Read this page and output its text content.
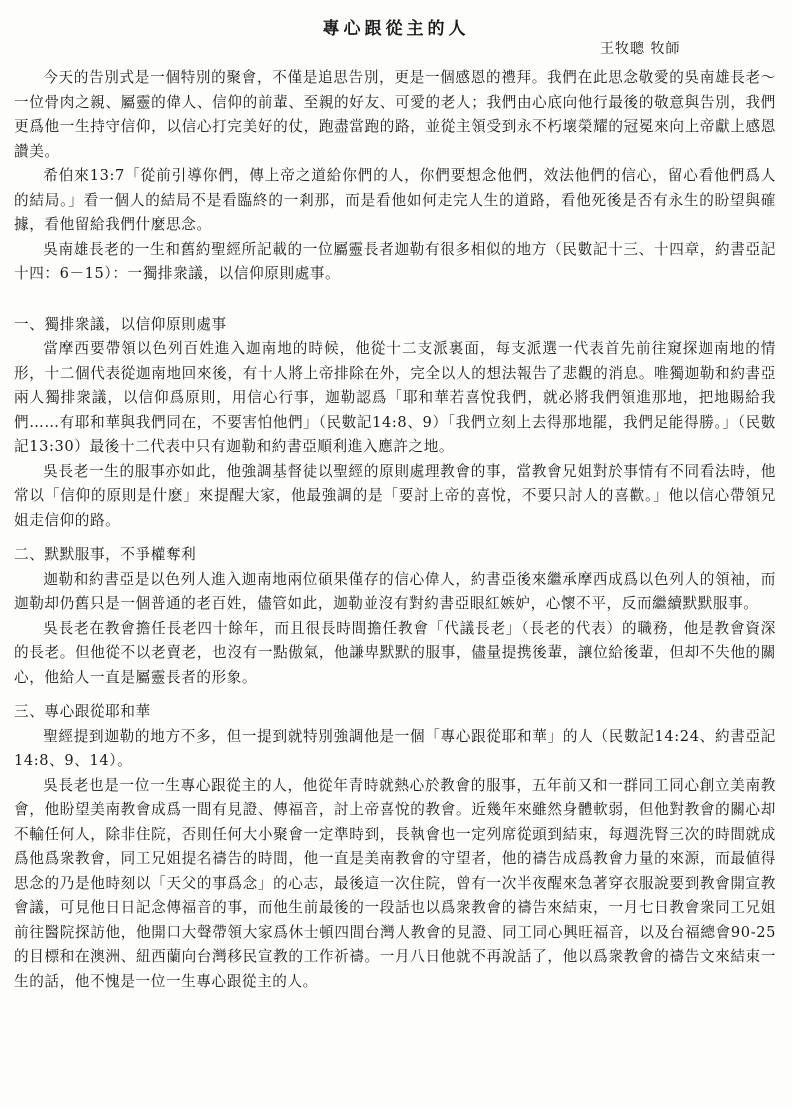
專心跟從主的人
王牧聰 牧師

今天的告別式是一個特別的聚會，不僅是追思告別，更是一個感恩的禮拜。我們在此思念敬愛的吳南雄長老～一位骨肉之親、屬靈的偉人、信仰的前輩、至親的好友、可愛的老人；我們由心底向他行最後的敬意與告別，我們更爲他一生持守信仰，以信心打完美好的仗，跑盡當跑的路，並從主領受到永不朽壞榮耀的冠冕來向上帝獻上感恩讚美。

希伯來13:7「從前引導你們，傳上帝之道給你們的人，你們要想念他們，效法他們的信心，留心看他們爲人的結局。」看一個人的結局不是看臨終的一剎那，而是看他如何走完人生的道路，看他死後是否有永生的盼望與確據，看他留給我們什麼思念。

吳南雄長老的一生和舊約聖經所記載的一位屬靈長者迦勒有很多相似的地方（民數記十三、十四章，約書亞記十四：6－15）：一獨排衆議，以信仰原則處事。

一、獨排衆議，以信仰原則處事

當摩西要帶領以色列百姓進入迦南地的時候，他從十二支派裏面，每支派選一代表首先前往窺探迦南地的情形，十二個代表從迦南地回來後，有十人將上帝排除在外，完全以人的想法報告了悲觀的消息。唯獨迦勒和約書亞兩人獨排衆議，以信仰爲原則，用信心行事，迦勒認爲「耶和華若喜悅我們，就必將我們領進那地，把地賜給我們……有耶和華與我們同在，不要害怕他們」（民數記14:8、9）「我們立刻上去得那地罷，我們足能得勝。」（民數記13:30）最後十二代表中只有迦勒和約書亞順利進入應許之地。

吳長老一生的服事亦如此，他強調基督徒以聖經的原則處理教會的事，當教會兄姐對於事情有不同看法時，他常以「信仰的原則是什麽」來提醒大家，他最強調的是「要討上帝的喜悅，不要只討人的喜歡。」他以信心帶領兄姐走信仰的路。

二、默默服事，不爭權奪利

迦勒和約書亞是以色列人進入迦南地兩位碩果僅存的信心偉人，約書亞後來繼承摩西成爲以色列人的領袖，而迦勒却仍舊只是一個普通的老百姓，儘管如此，迦勒並沒有對約書亞眼紅嫉妒，心懷不平，反而繼續默默服事。

吳長老在教會擔任長老四十餘年，而且很長時間擔任教會「代議長老」（長老的代表）的職務，他是教會資深的長老。但他從不以老賣老，也沒有一點傲氣，他謙卑默默的服事，儘量提携後輩，讓位給後輩，但却不失他的關心，他給人一直是屬靈長者的形象。

三、專心跟從耶和華

聖經提到迦勒的地方不多，但一提到就特別強調他是一個「專心跟從耶和華」的人（民數記14:24、約書亞記14:8、9、14）。

吳長老也是一位一生專心跟從主的人，他從年青時就熱心於教會的服事，五年前又和一群同工同心創立美南教會，他盼望美南教會成爲一間有見證、傳福音，討上帝喜悅的教會。近幾年來雖然身體軟弱，但他對教會的關心却不輸任何人，除非住院，否則任何大小聚會一定準時到，長執會也一定列席從頭到結束，每週洗腎三次的時間就成爲他爲衆教會，同工兄姐提名禱告的時間，他一直是美南教會的守望者，他的禱告成爲教會力量的來源，而最値得思念的乃是他時刻以「天父的事爲念」的心志，最後這一次住院，曾有一次半夜醒來急著穿衣服說要到教會開宣教會議，可見他日日記念傳福音的事，而他生前最後的一段話也以爲衆教會的禱告來結束，一月七日教會衆同工兄姐前往醫院探訪他，他開口大聲帶領大家爲休士頓四間台灣人教會的見證、同工同心興旺福音，以及台福總會90-25的目標和在澳洲、紐西蘭向台灣移民宣教的工作祈禱。一月八日他就不再說話了，他以爲衆教會的禱告文來結束一生的話，他不愧是一位一生專心跟從主的人。
